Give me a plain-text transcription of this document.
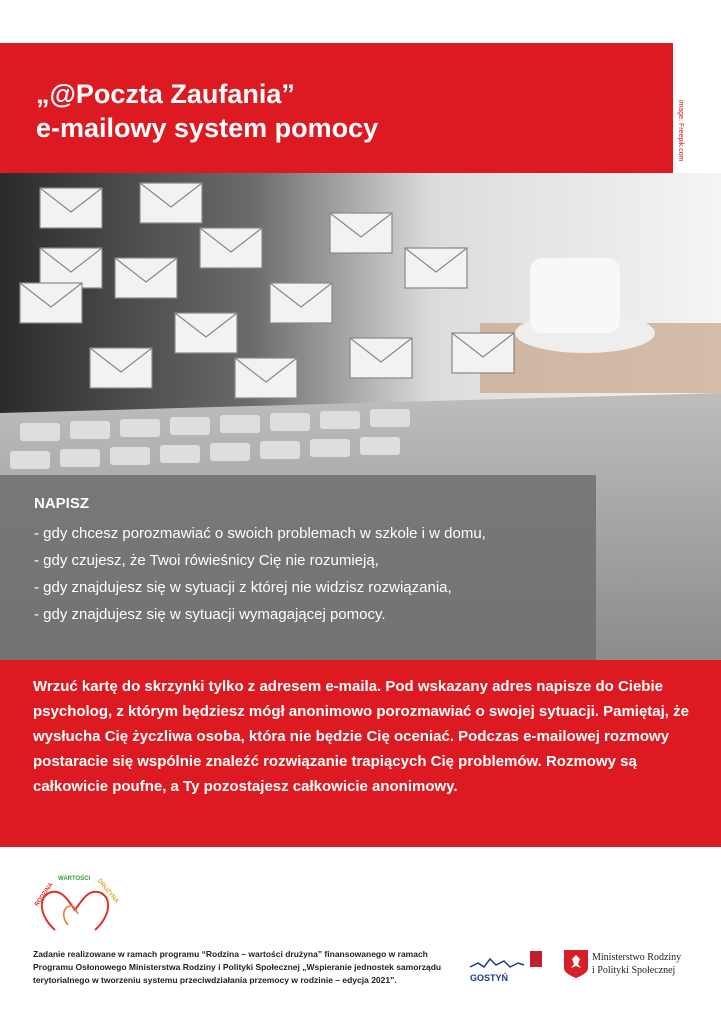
„@Poczta Zaufania”
e-mailowy system pomocy	image: Freepik.com
NAPISZ
- gdy chcesz porozmawiać o swoich problemach w szkole i w domu,
- gdy czujesz, że Twoi rówieśnicy Cię nie rozumieją,
- gdy znajdujesz się w sytuacji z której nie widzisz rozwiązania,
- gdy znajdujesz się w sytuacji wymagającej pomocy.

Wrzuć kartę do skrzynki tylko z adresem e-maila. Pod wskazany adres napisze do Ciebie psycholog, z którym będziesz mógł anonimowo porozmawiać o swojej sytuacji. Pamiętaj, że wysłucha Cię życzliwa osoba, która nie będzie Cię oceniać. Podczas e-mailowej rozmowy postaracie się wspólnie znaleźć rozwiązanie trapiących Cię problemów. Rozmowy są całkowicie poufne, a Ty pozostajesz całkowicie anonimowy.

RODZINA
WARTOŚCI DRUŻYNA
Zadanie realizowane w ramach programu “Rodzina – wartości drużyna” finansowanego w ramach Programu Osłonowego Ministerstwa Rodziny i Polityki Społecznej „Wspieranie jednostek samorządu terytorialnego w tworzeniu systemu przeciwdziałania przemocy w rodzinie – edycja 2021”.	GOSTYŃ
Ministerstwo Rodziny
i Polityki Społecznej
